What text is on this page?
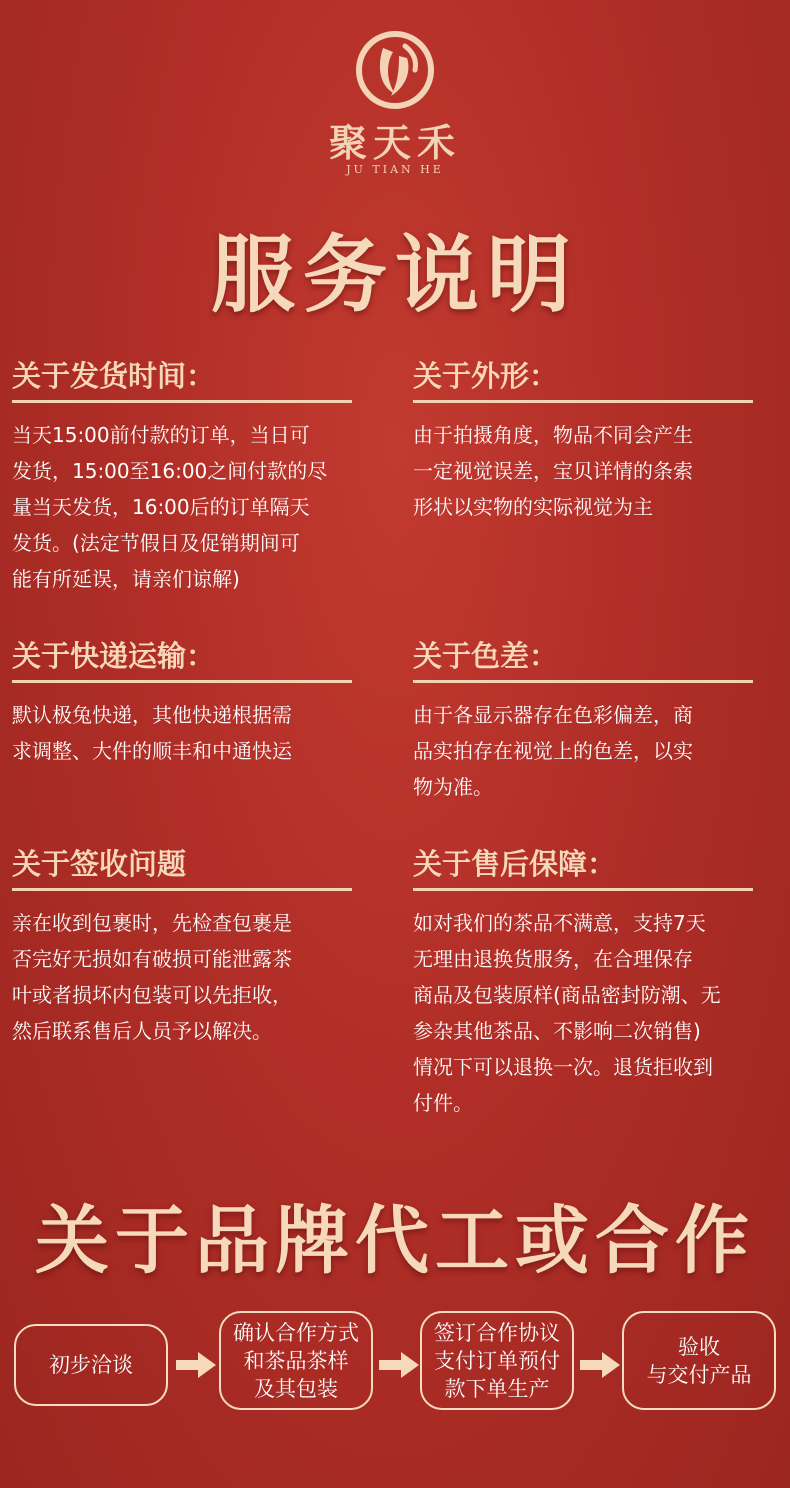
聚天禾
JU TIAN HE
服务说明
关于发货时间：
当天15:00前付款的订单，当日可
发货，15:00至16:00之间付款的尽
量当天发货，16:00后的订单隔天
发货。(法定节假日及促销期间可
能有所延误，请亲们谅解)
关于外形：
由于拍摄角度，物品不同会产生
一定视觉误差，宝贝详情的条索
形状以实物的实际视觉为主
关于快递运输：
默认极兔快递，其他快递根据需
求调整、大件的顺丰和中通快运
关于色差：
由于各显示器存在色彩偏差，商
品实拍存在视觉上的色差，以实
物为准。
关于签收问题
亲在收到包裹时，先检查包裹是
否完好无损如有破损可能泄露茶
叶或者损坏内包装可以先拒收，
然后联系售后人员予以解决。
关于售后保障：
如对我们的茶品不满意，支持7天
无理由退换货服务，在合理保存
商品及包装原样(商品密封防潮、无
参杂其他茶品、不影响二次销售)
情况下可以退换一次。退货拒收到
付件。
关于品牌代工或合作
初步洽谈
确认合作方式
和茶品茶样
及其包装
签订合作协议
支付订单预付
款下单生产
验收
与交付产品
